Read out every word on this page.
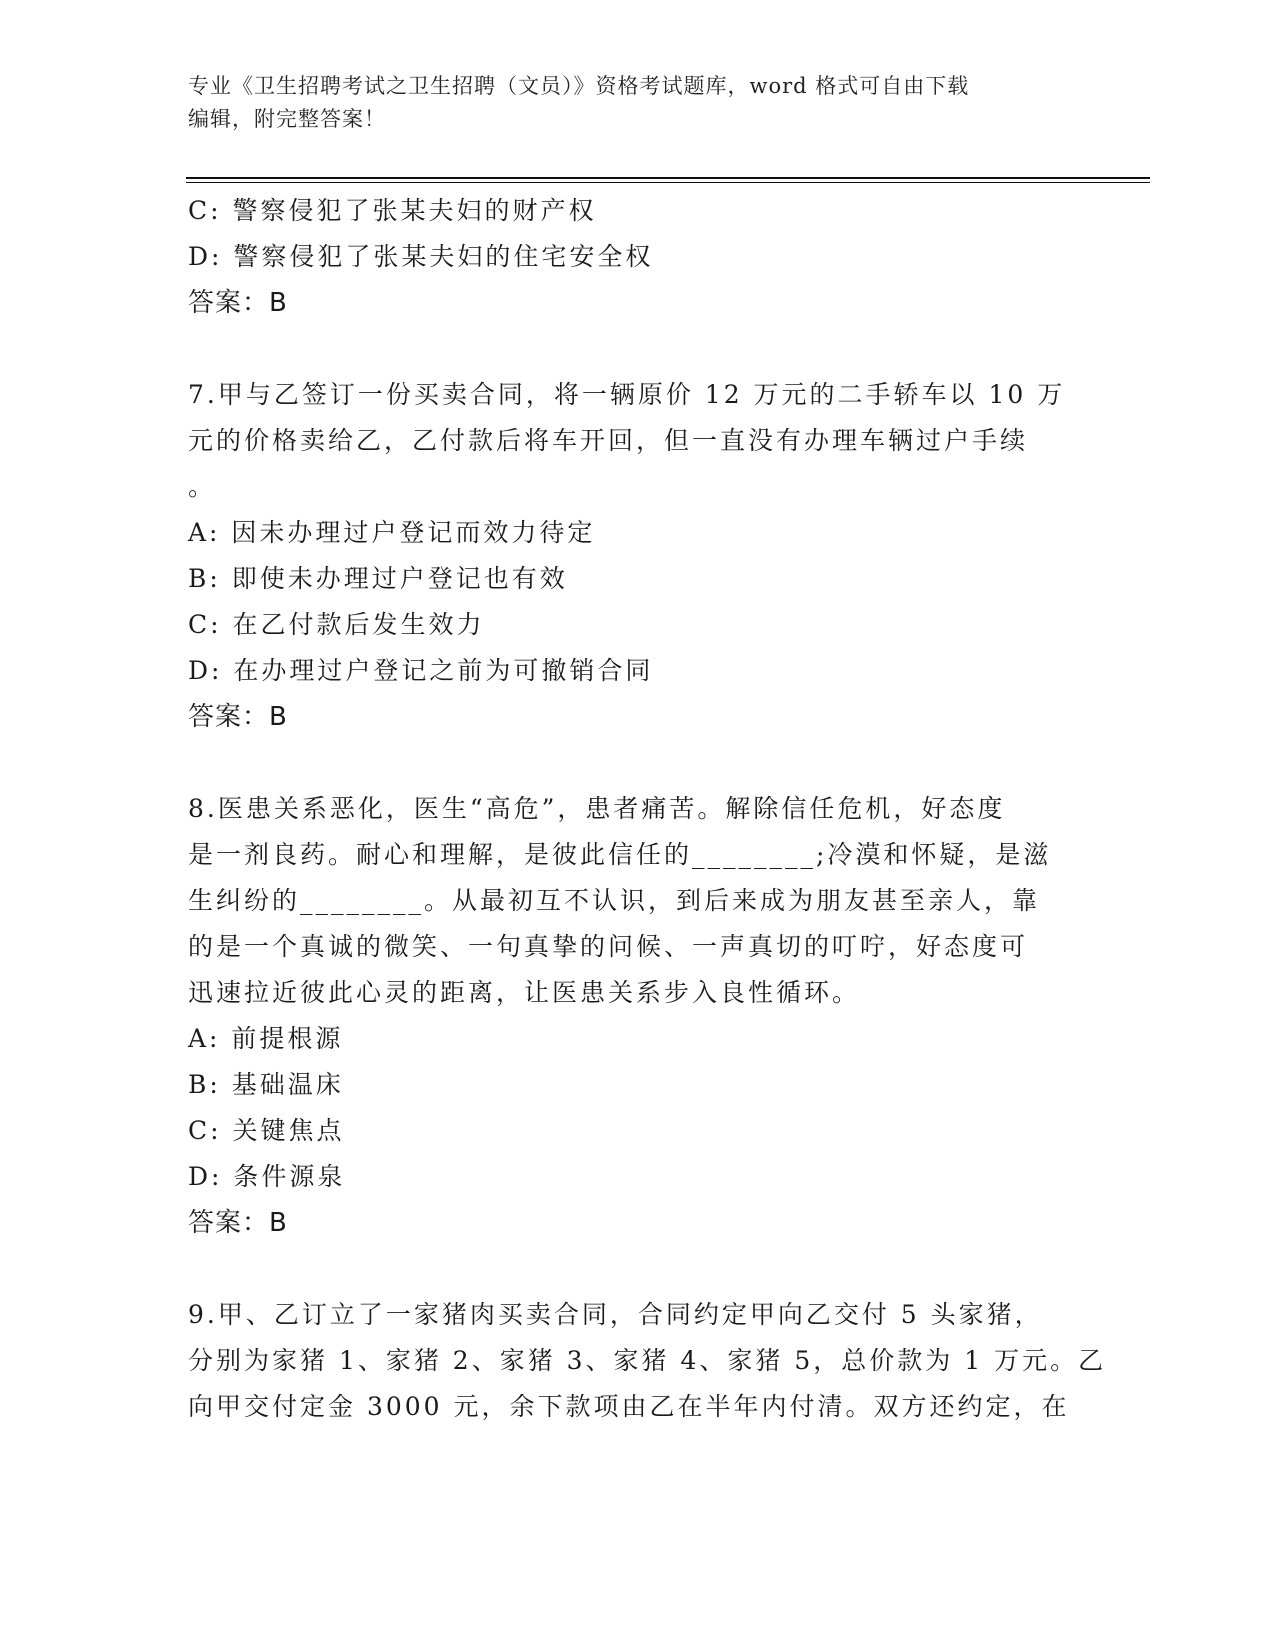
专业《卫生招聘考试之卫生招聘（文员）》资格考试题库，word 格式可自由下载
编辑，附完整答案！
C: 警察侵犯了张某夫妇的财产权
D: 警察侵犯了张某夫妇的住宅安全权
答案：B
7.甲与乙签订一份买卖合同，将一辆原价 12 万元的二手轿车以 10 万
元的价格卖给乙，乙付款后将车开回，但一直没有办理车辆过户手续
。
A: 因未办理过户登记而效力待定
B: 即使未办理过户登记也有效
C: 在乙付款后发生效力
D: 在办理过户登记之前为可撤销合同
答案：B
8.医患关系恶化，医生“高危”，患者痛苦。解除信任危机，好态度
是一剂良药。耐心和理解，是彼此信任的________;冷漠和怀疑，是滋
生纠纷的________。从最初互不认识，到后来成为朋友甚至亲人，靠
的是一个真诚的微笑、一句真挚的问候、一声真切的叮咛，好态度可
迅速拉近彼此心灵的距离，让医患关系步入良性循环。
A: 前提根源
B: 基础温床
C: 关键焦点
D: 条件源泉
答案：B
9.甲、乙订立了一家猪肉买卖合同，合同约定甲向乙交付 5 头家猪，
分别为家猪 1、家猪 2、家猪 3、家猪 4、家猪 5，总价款为 1 万元。乙
向甲交付定金 3000 元，余下款项由乙在半年内付清。双方还约定，在
